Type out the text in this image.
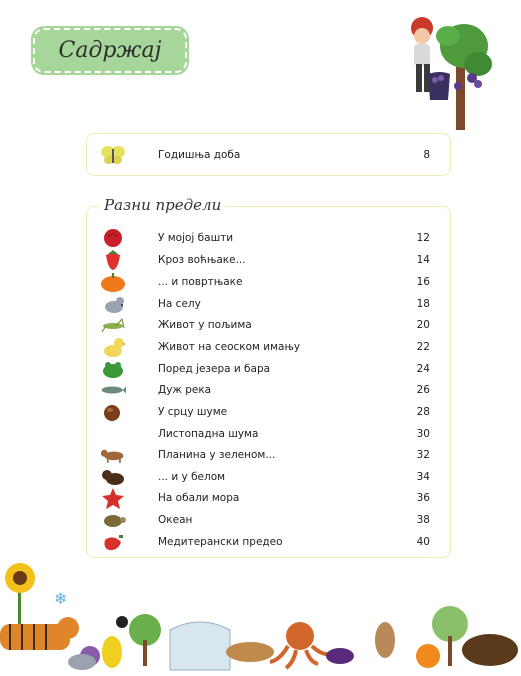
Садржај
Годишња доба	8
Разни предели
У мојој башти	12
Кроз воћњаке...	14
... и повртњаке	16
На селу	18
Живот у пољима	20
Живот на сеоском имању	22
Поред језера и бара	24
Дуж река	26
У срцу шуме	28
Листопадна шума	30
Планина у зеленом...	32
... и у белом	34
На обали мора	36
Океан	38
Медитерански предео	40
❄
